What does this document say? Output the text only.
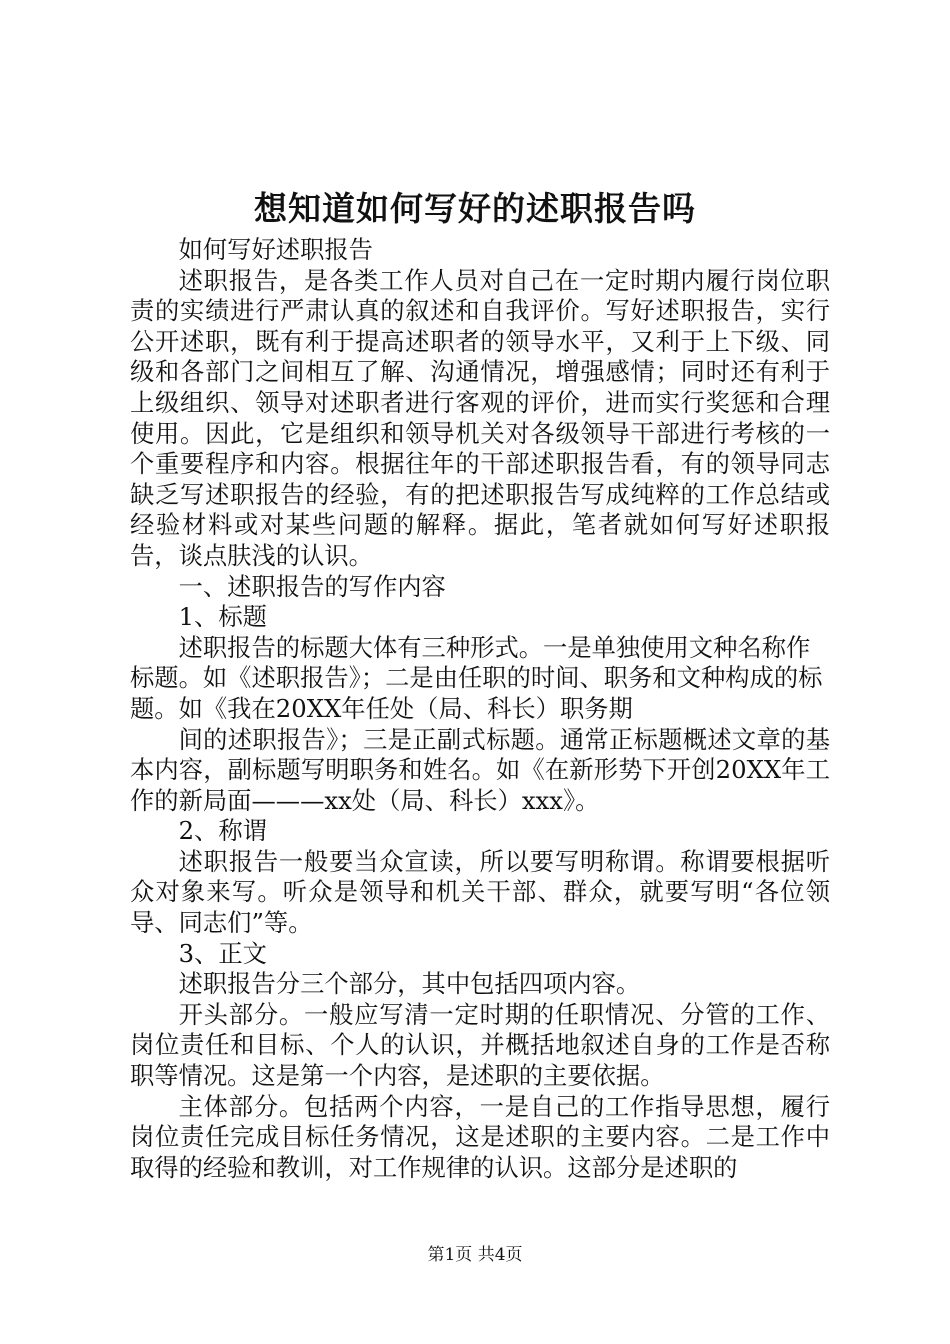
想知道如何写好的述职报告吗

如何写好述职报告

述职报告，是各类工作人员对自己在一定时期内履行岗位职责的实绩进行严肃认真的叙述和自我评价。写好述职报告，实行公开述职，既有利于提高述职者的领导水平，又利于上下级、同级和各部门之间相互了解、沟通情况，增强感情；同时还有利于上级组织、领导对述职者进行客观的评价，进而实行奖惩和合理使用。因此，它是组织和领导机关对各级领导干部进行考核的一个重要程序和内容。根据往年的干部述职报告看，有的领导同志缺乏写述职报告的经验，有的把述职报告写成纯粹的工作总结或经验材料或对某些问题的解释。据此，笔者就如何写好述职报告，谈点肤浅的认识。

一、述职报告的写作内容

1、标题

述职报告的标题大体有三种形式。一是单独使用文种名称作标题。如《述职报告》；二是由任职的时间、职务和文种构成的标题。如《我在20XX年任处（局、科长）职务期

间的述职报告》；三是正副式标题。通常正标题概述文章的基本内容，副标题写明职务和姓名。如《在新形势下开创20XX年工作的新局面———xx处（局、科长）xxx》。

2、称谓

述职报告一般要当众宣读，所以要写明称谓。称谓要根据听众对象来写。听众是领导和机关干部、群众，就要写明“各位领导、同志们”等。

3、正文

述职报告分三个部分，其中包括四项内容。

开头部分。一般应写清一定时期的任职情况、分管的工作、岗位责任和目标、个人的认识，并概括地叙述自身的工作是否称职等情况。这是第一个内容，是述职的主要依据。

主体部分。包括两个内容，一是自己的工作指导思想，履行岗位责任完成目标任务情况，这是述职的主要内容。二是工作中取得的经验和教训，对工作规律的认识。这部分是述职的

第1页 共4页
